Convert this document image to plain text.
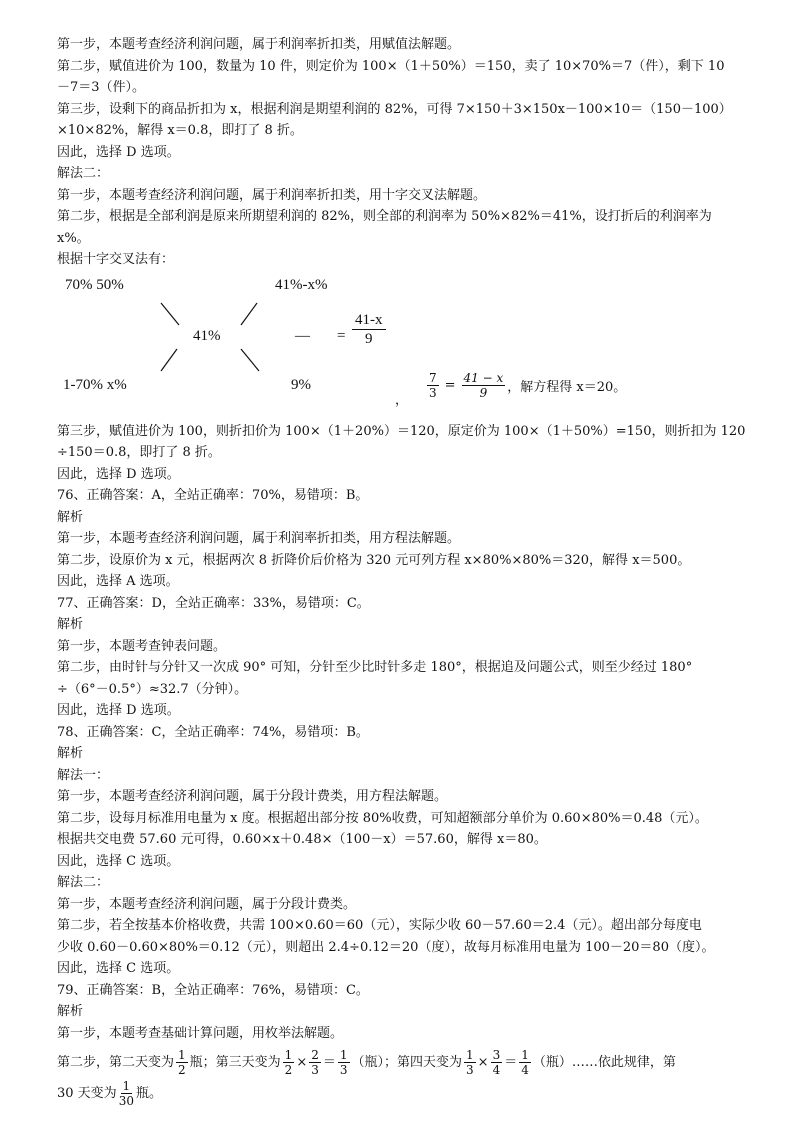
第一步，本题考查经济利润问题，属于利润率折扣类，用赋值法解题。
第二步，赋值进价为 100，数量为 10 件，则定价为 100×（1＋50%）＝150，卖了 10×70%＝7（件），剩下 10
－7＝3（件）。
第三步，设剩下的商品折扣为 x，根据利润是期望利润的 82%，可得 7×150＋3×150x－100×10＝（150－100）
×10×82%，解得 x＝0.8，即打了 8 折。
因此，选择 D 选项。
解法二：
第一步，本题考查经济利润问题，属于利润率折扣类，用十字交叉法解题。
第二步，根据是全部利润是原来所期望利润的 82%，则全部的利润率为 50%×82%＝41%，设打折后的利润率为
x%。
根据十字交叉法有：
70% 50%	41%-x%
41%	— = $\frac{41-x}{9}$
1-70% x%	9%
，
$\frac{7}{3} = \frac{41 - x}{9}$ ，解方程得 x＝20。
第三步，赋值进价为 100，则折扣价为 100×（1＋20%）＝120，原定价为 100×（1＋50%）=150，则折扣为 120
÷150＝0.8，即打了 8 折。
因此，选择 D 选项。
76、正确答案：A，全站正确率：70%，易错项：B。
解析
第一步，本题考查经济利润问题，属于利润率折扣类，用方程法解题。
第二步，设原价为 x 元，根据两次 8 折降价后价格为 320 元可列方程 x×80%×80%＝320，解得 x＝500。
因此，选择 A 选项。
77、正确答案：D，全站正确率：33%，易错项：C。
解析
第一步，本题考查钟表问题。
第二步，由时针与分针又一次成 90° 可知，分针至少比时针多走 180°，根据追及问题公式，则至少经过 180°
÷（6°－0.5°）≈32.7（分钟）。
因此，选择 D 选项。
78、正确答案：C，全站正确率：74%，易错项：B。
解析
解法一：
第一步，本题考查经济利润问题，属于分段计费类，用方程法解题。
第二步，设每月标准用电量为 x 度。根据超出部分按 80%收费，可知超额部分单价为 0.60×80%＝0.48（元）。
根据共交电费 57.60 元可得，0.60×x＋0.48×（100－x）＝57.60，解得 x＝80。
因此，选择 C 选项。
解法二：
第一步，本题考查经济利润问题，属于分段计费类。
第二步，若全按基本价格收费，共需 100×0.60＝60（元），实际少收 60－57.60＝2.4（元）。超出部分每度电
少收 0.60－0.60×80%＝0.12（元），则超出 2.4÷0.12＝20（度），故每月标准用电量为 100－20＝80（度）。
因此，选择 C 选项。
79、正确答案：B，全站正确率：76%，易错项：C。
解析
第一步，本题考查基础计算问题，用枚举法解题。
第二步，第二天变为 $\frac{1}{2}$ 瓶；第三天变为 $\frac{1}{2} \times \frac{2}{3} = \frac{1}{3}$ （瓶）；第四天变为 $\frac{1}{3} \times \frac{3}{4} = \frac{1}{4}$ （瓶）……依此规律，第
30 天变为 $\frac{1}{30}$ 瓶。
